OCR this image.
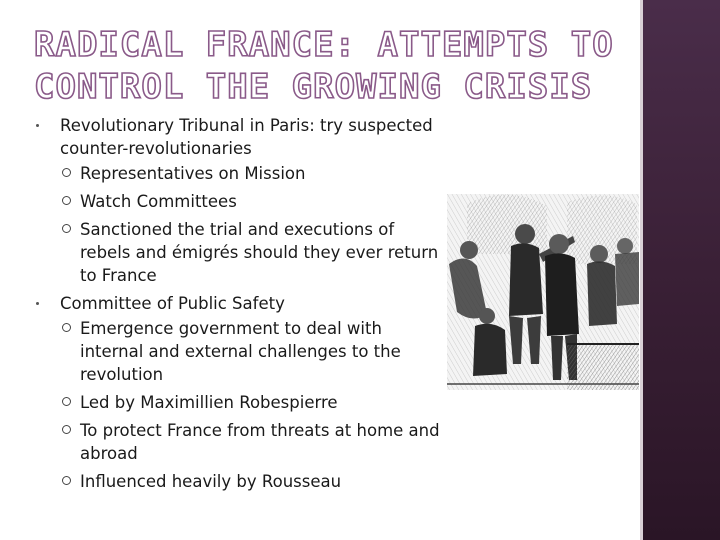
RADICAL FRANCE: ATTEMPTS TO
CONTROL THE GROWING CRISIS
Revolutionary Tribunal in Paris: try suspected counter-revolutionaries
Representatives on Mission
Watch Committees
Sanctioned the trial and executions of rebels and émigrés should they ever return to France
Committee of Public Safety
Emergence government to deal with internal and external challenges to the revolution
Led by Maximillien Robespierre
To protect France from threats at home and abroad
Influenced heavily by Rousseau
